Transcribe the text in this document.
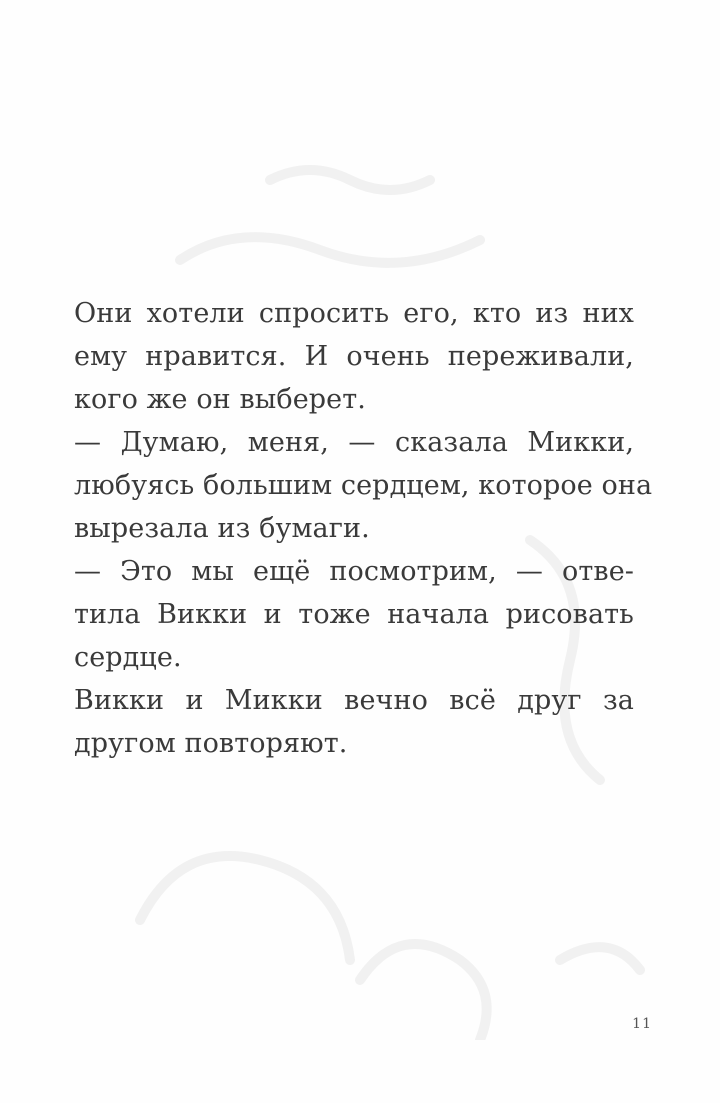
Они хотели спросить его, кто из них
ему нравится. И очень переживали,
кого же он выберет.
— Думаю, меня, — сказала Микки,
любуясь большим сердцем, которое она
вырезала из бумаги.
— Это мы ещё посмотрим, — отве-
тила Викки и тоже начала рисовать
сердце.
Викки и Микки вечно всё друг за
другом повторяют.
11
